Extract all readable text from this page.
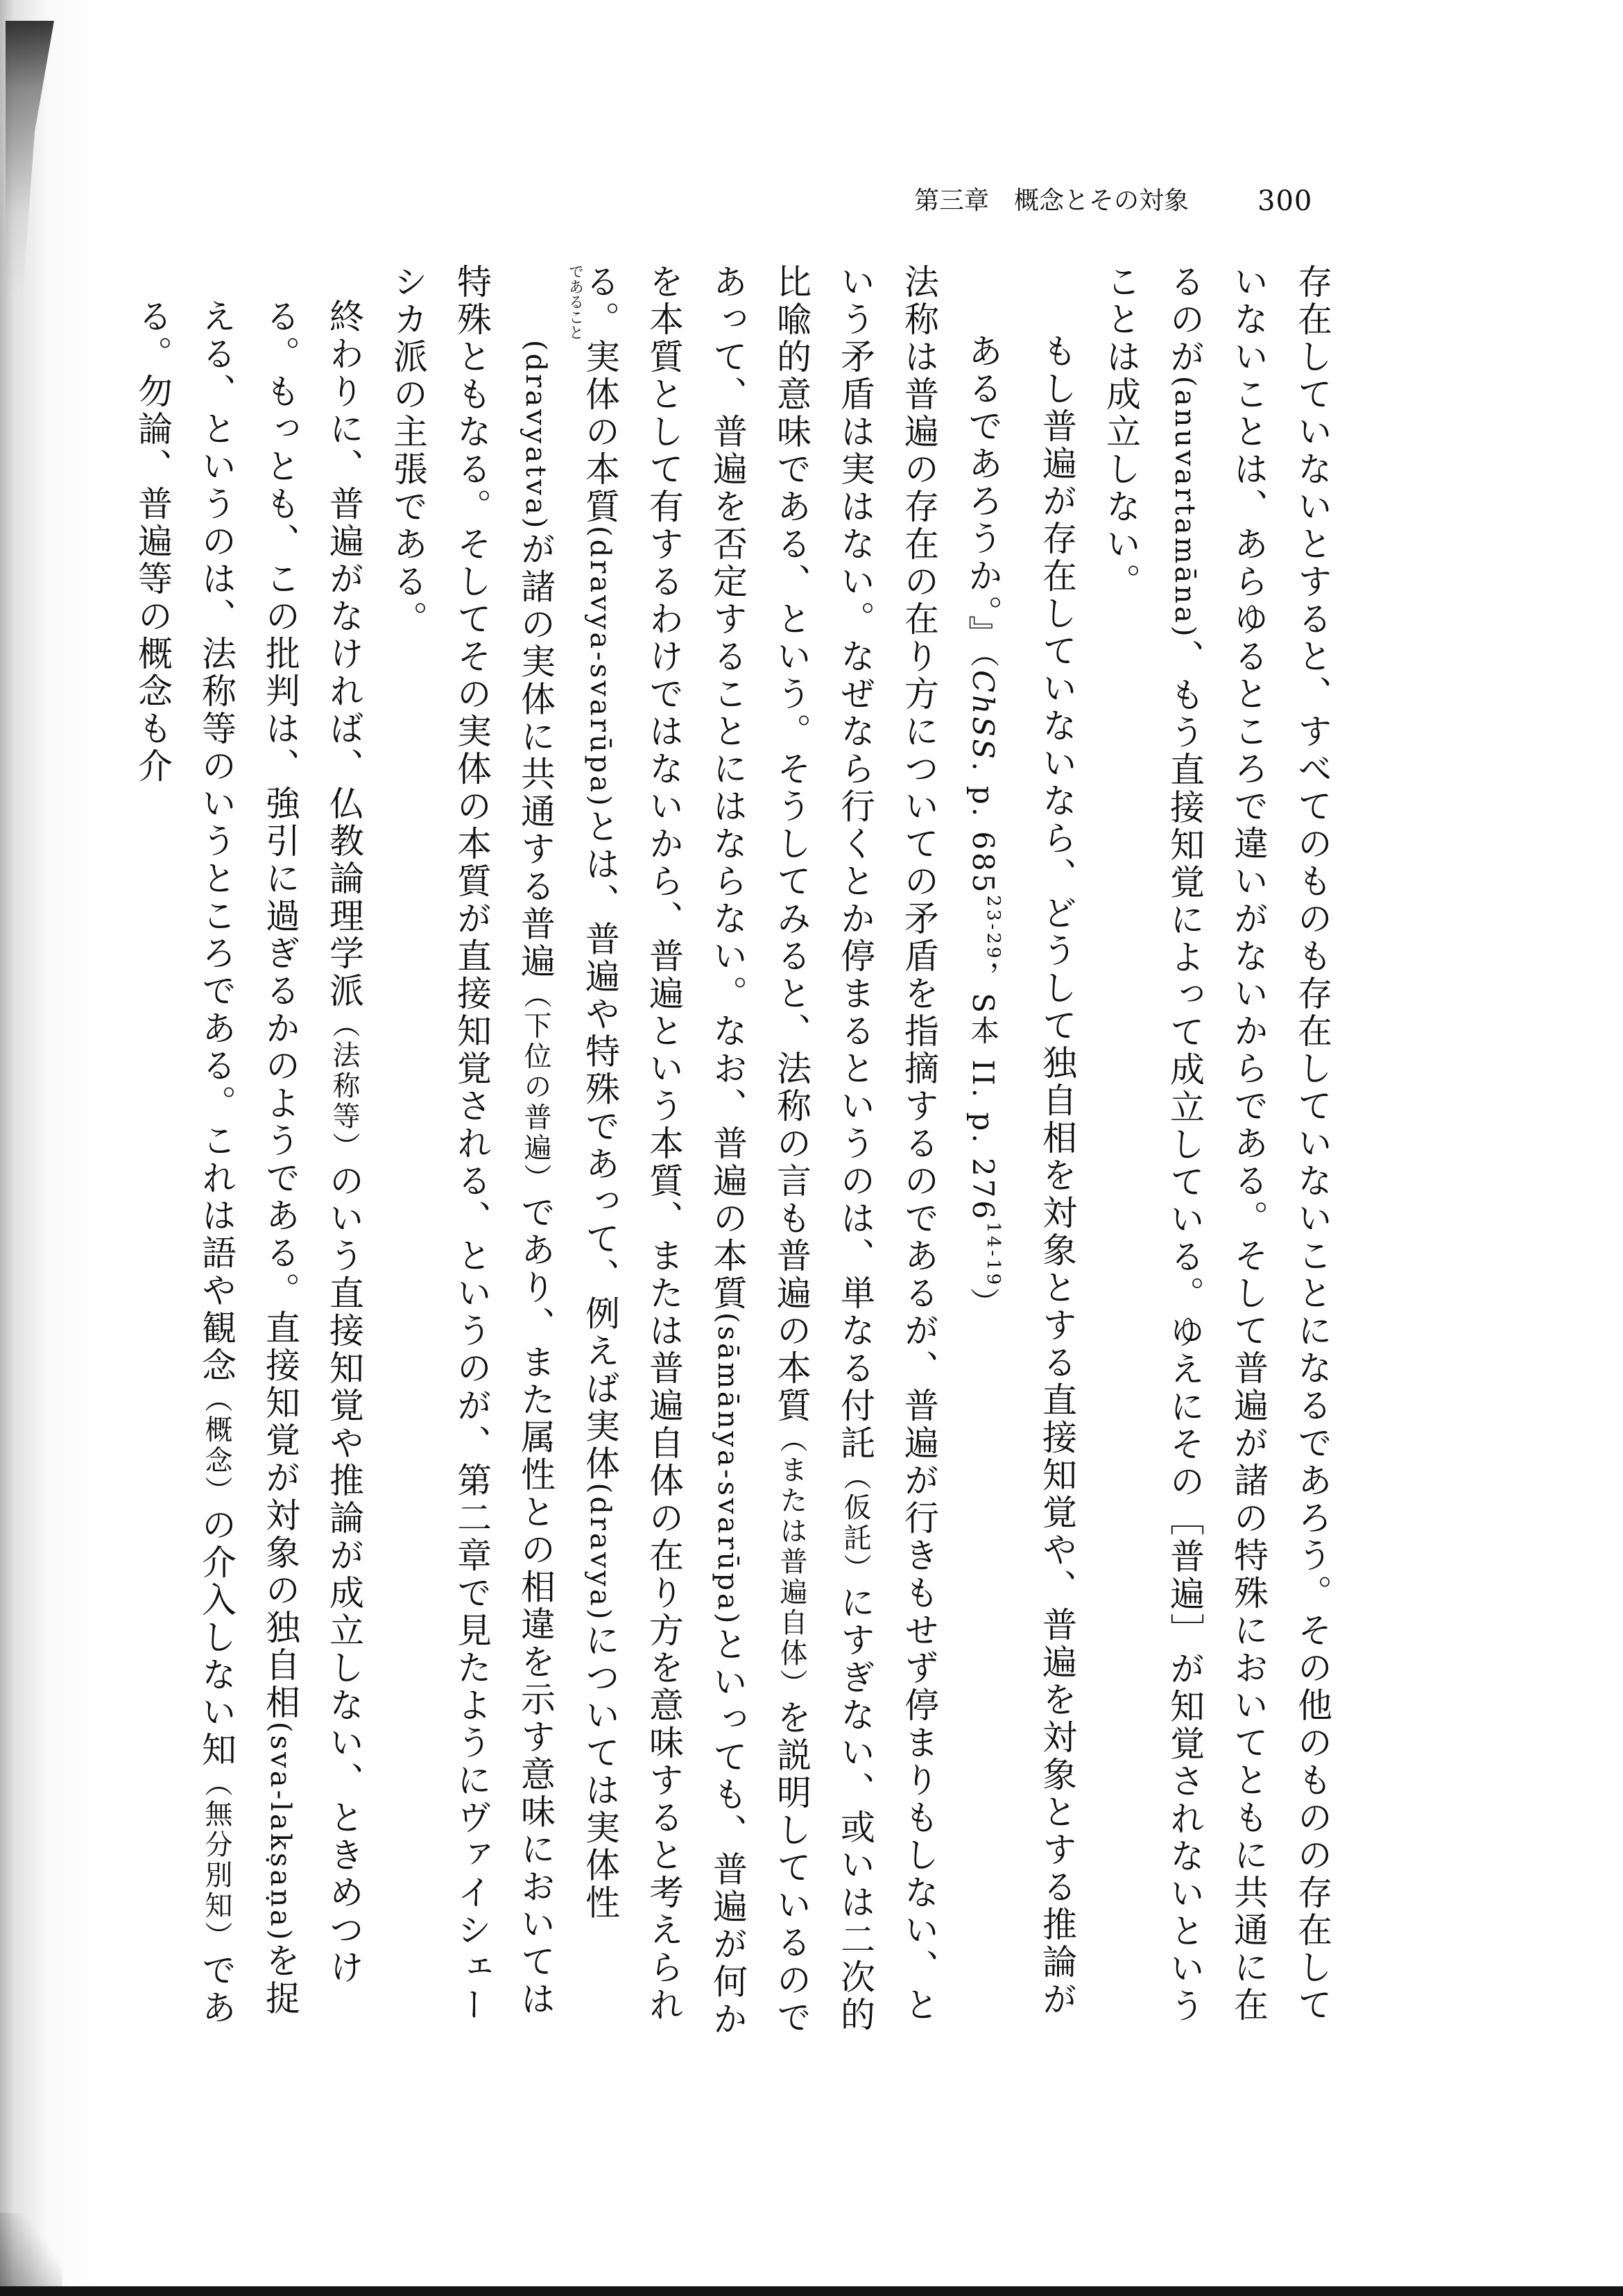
第三章　概念とその対象 300

存在していないとすると、すべてのものも存在していないことになるであろう。その他のものの存在していないことは、あらゆるところで違いがないからである。そして普遍が諸の特殊においてともに共通に在るのが(anuvartamāna)、もう直接知覚によって成立している。ゆえにその［普遍］が知覚されないということは成立しない。

もし普遍が存在していないなら、どうして独自相を対象とする直接知覚や、普遍を対象とする推論があるであろうか。』（ChSS. p. 685$^{23-29}$，S本 II. p. 276$^{14-19}$）

法称は普遍の存在の在り方についての矛盾を指摘するのであるが、普遍が行きもせず停まりもしない、という矛盾は実はない。なぜなら行くとか停まるというのは、単なる付託（仮託）にすぎない、或いは二次的比喩的意味である、という。そうしてみると、法称の言も普遍の本質（または普遍自体）を説明しているのであって、普遍を否定することにはならない。なお、普遍の本質(sāmānya-svarūpa)といっても、普遍が何かを本質として有するわけではないから、普遍という本質、または普遍自体の在り方を意味すると考えられる。実体の本質(dravya-svarūpa)とは、普遍や特殊であって、例えば実体(dravya)については実体性であること(dravyatva)が諸の実体に共通する普遍（下位の普遍）であり、また属性との相違を示す意味においては特殊ともなる。そしてその実体の本質が直接知覚される、というのが、第二章で見たようにヴァイシェーシカ派の主張である。

終わりに、普遍がなければ、仏教論理学派（法称等）のいう直接知覚や推論が成立しない、ときめつける。もっとも、この批判は、強引に過ぎるかのようである。直接知覚が対象の独自相(sva-lakṣaṇa)を捉える、というのは、法称等のいうところである。これは語や観念（概念）の介入しない知（無分別知）である。勿論、普遍等の概念も介
